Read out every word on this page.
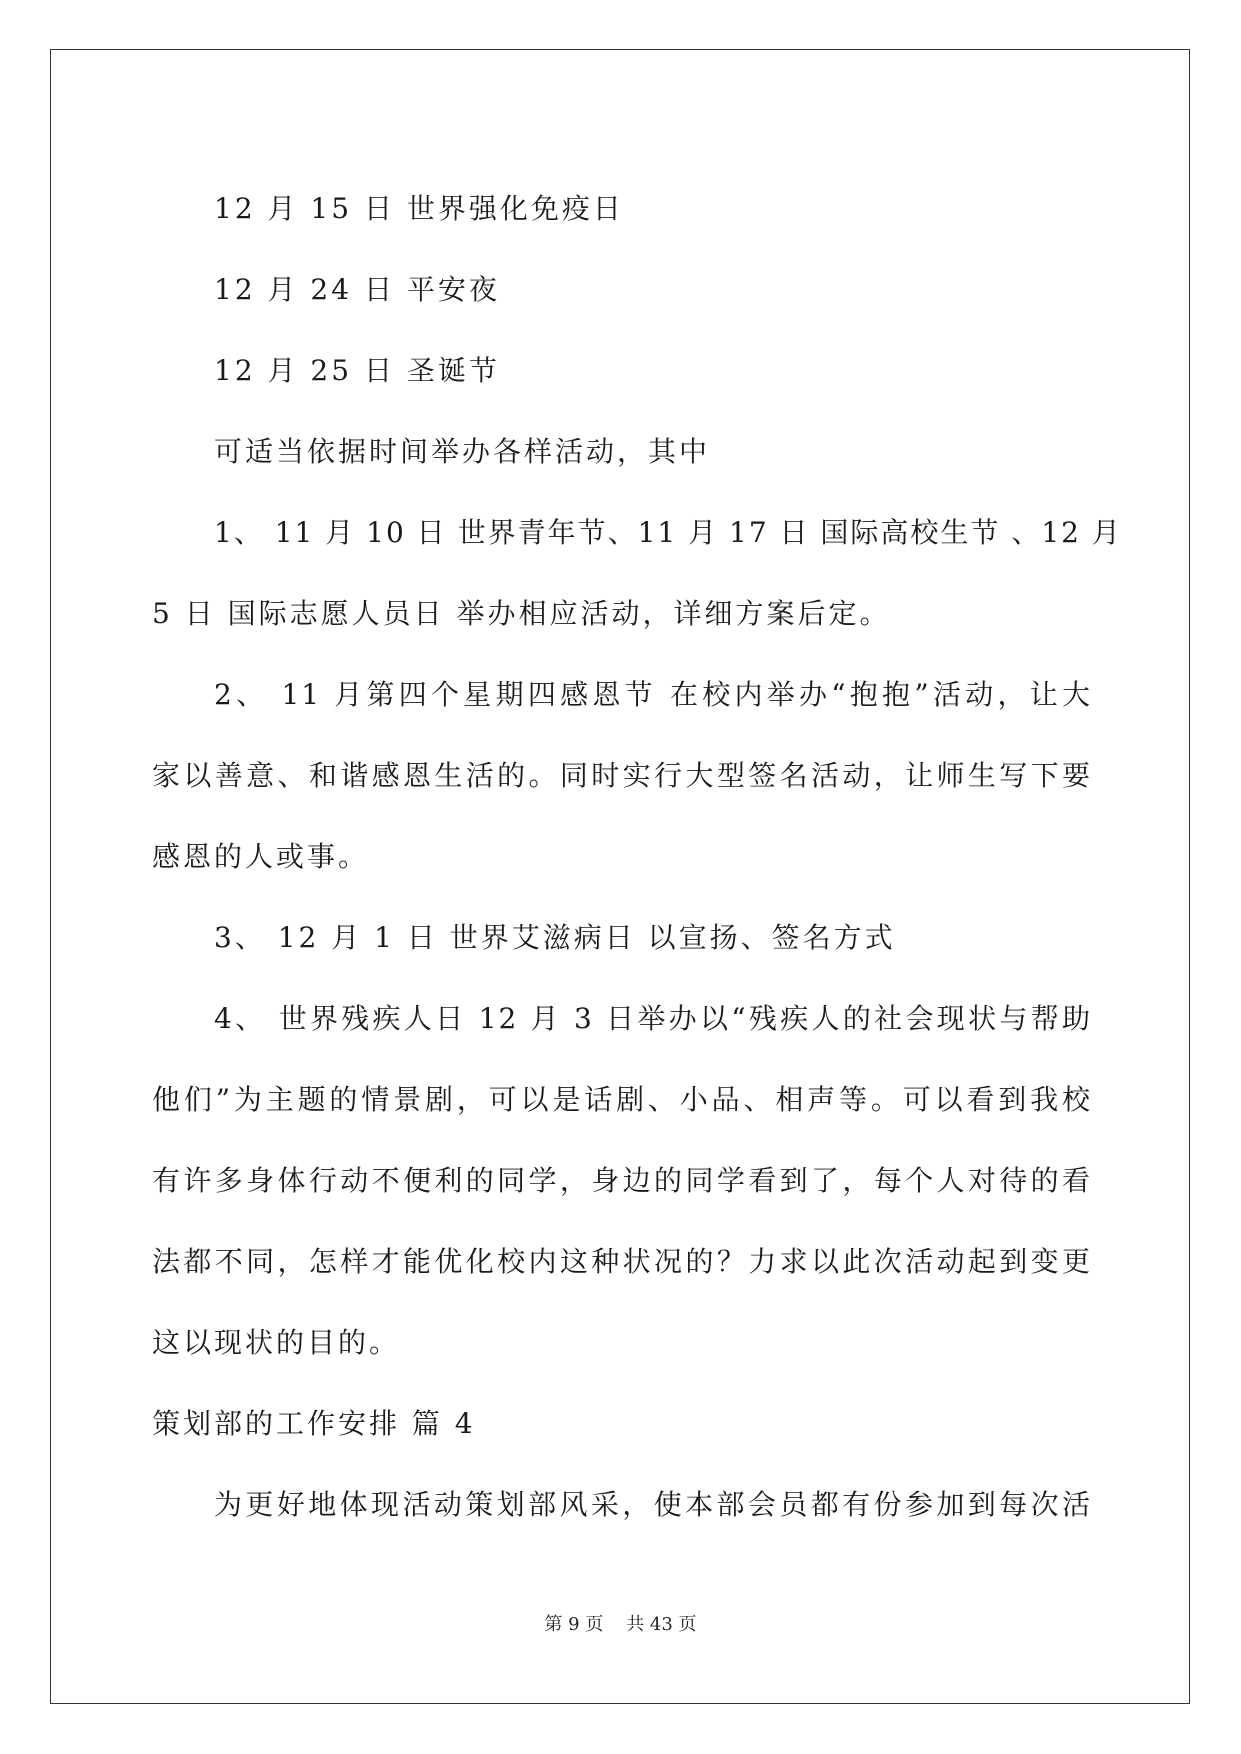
12 月 15 日 世界强化免疫日
12 月 24 日 平安夜
12 月 25 日 圣诞节
可适当依据时间举办各样活动，其中
1、 11 月 10 日 世界青年节、11 月 17 日 国际高校生节 、12 月
5 日 国际志愿人员日 举办相应活动，详细方案后定。
2、 11 月第四个星期四感恩节 在校内举办“抱抱”活动，让大
家以善意、和谐感恩生活的。同时实行大型签名活动，让师生写下要
感恩的人或事。
3、 12 月 1 日 世界艾滋病日 以宣扬、签名方式
4、 世界残疾人日 12 月 3 日举办以“残疾人的社会现状与帮助
他们”为主题的情景剧，可以是话剧、小品、相声等。可以看到我校
有许多身体行动不便利的同学，身边的同学看到了，每个人对待的看
法都不同，怎样才能优化校内这种状况的？力求以此次活动起到变更
这以现状的目的。
策划部的工作安排 篇 4
为更好地体现活动策划部风采，使本部会员都有份参加到每次活
第 9 页    共 43 页
